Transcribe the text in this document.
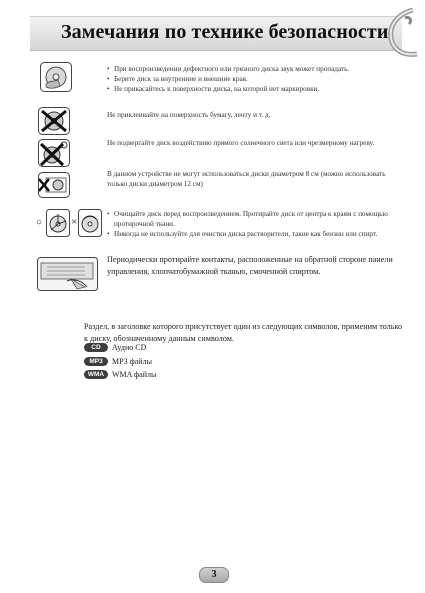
Замечания по технике безопасности
• При воспроизведении дефектного или грязного диска звук может пропадать.
• Берите диск за внутренние и внешние края.
• Не прикасайтесь к поверхности диска, на которой нет маркировки.
Не приклеивайте на поверхность бумагу, ленту и т. д.
Не подвергайте диск воздействию прямого солнечного света или чрезмерному нагреву.
В данном устройстве не могут использоваться диски диаметром 8 см (можно использовать только диски диаметром 12 см)
○	×
• Очищайте диск перед воспроизведением. Протирайте диск от центра к краям с помощью протирочной ткани.
• Никогда не используйте для очистки диска растворители, такие как бензин или спирт.
Периодически протирайте контакты, расположенные на обратной стороне панели управления, хлопчатобумажной тканью, смоченной спиртом.
Раздел, в заголовке которого присутствует один из следующих символов, применим только к диску, обозначенному данным символом.
CD	Аудио CD
MP3	MP3 файлы
WMA WMA файлы
3
